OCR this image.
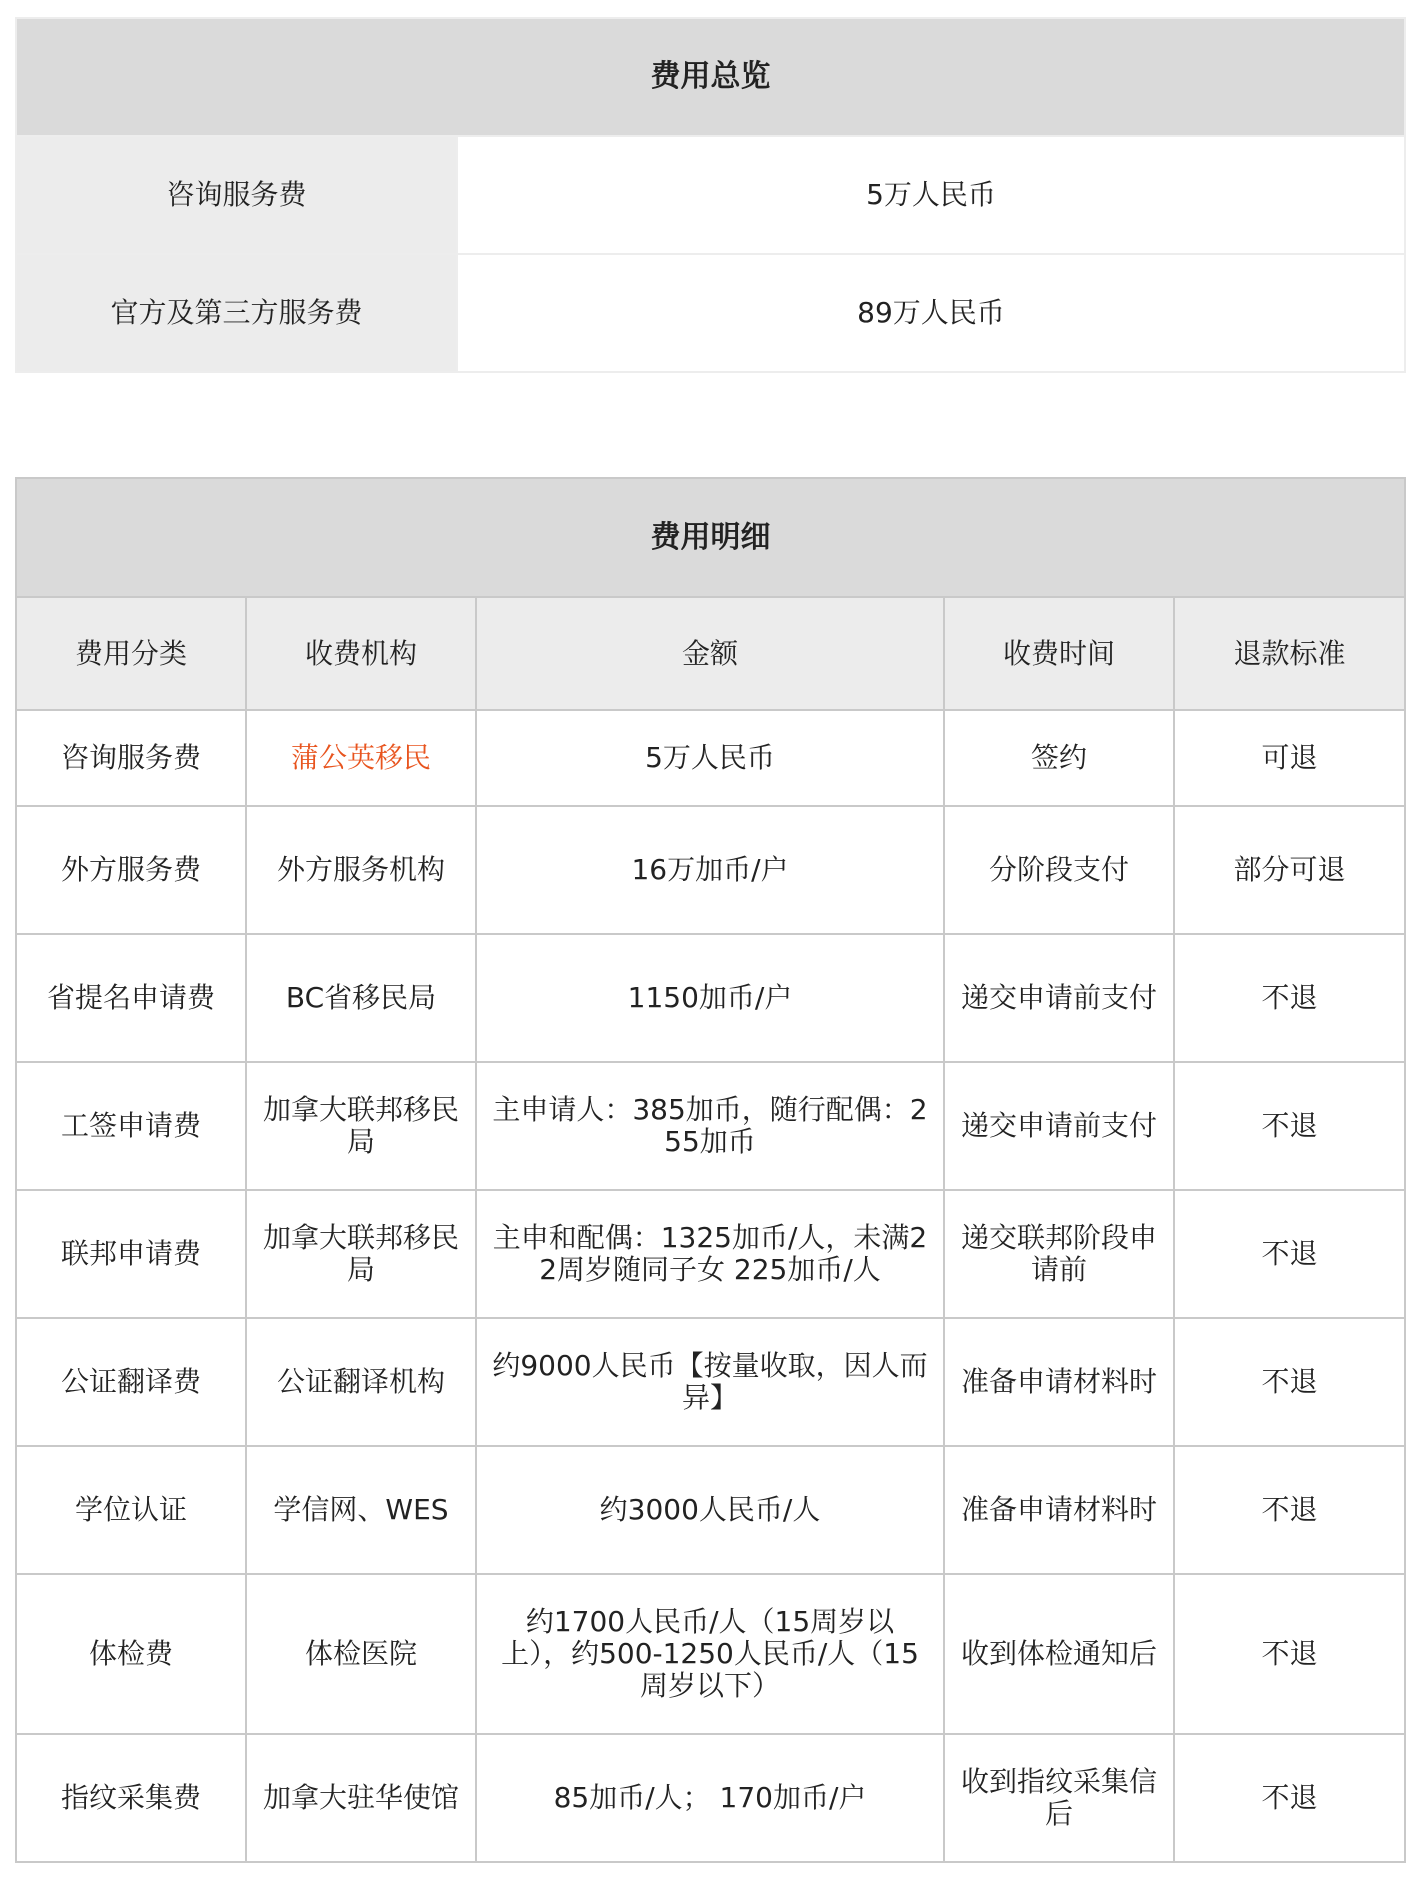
费用总览	
咨询服务费	5万人民币
官方及第三方服务费	89万人民币
费用明细				
费用分类	收费机构	金额	收费时间	退款标准
咨询服务费	蒲公英移民	5万人民币	签约	可退
外方服务费	外方服务机构	16万加币/户	分阶段支付	部分可退
省提名申请费	BC省移民局	1150加币/户	递交申请前支付	不退
工签申请费	加拿大联邦移民局	主申请人：385加币，随行配偶：255加币	递交申请前支付	不退
联邦申请费	加拿大联邦移民局	主申和配偶：1325加币/人，未满22周岁随同子女 225加币/人	递交联邦阶段申请前	不退
公证翻译费	公证翻译机构	约9000人民币【按量收取，因人而异】	准备申请材料时	不退
学位认证	学信网、WES	约3000人民币/人	准备申请材料时	不退
体检费	体检医院	约1700人民币/人（15周岁以上），约500-1250人民币/人（15周岁以下）	收到体检通知后	不退
指纹采集费	加拿大驻华使馆	85加币/人； 170加币/户	收到指纹采集信后	不退
